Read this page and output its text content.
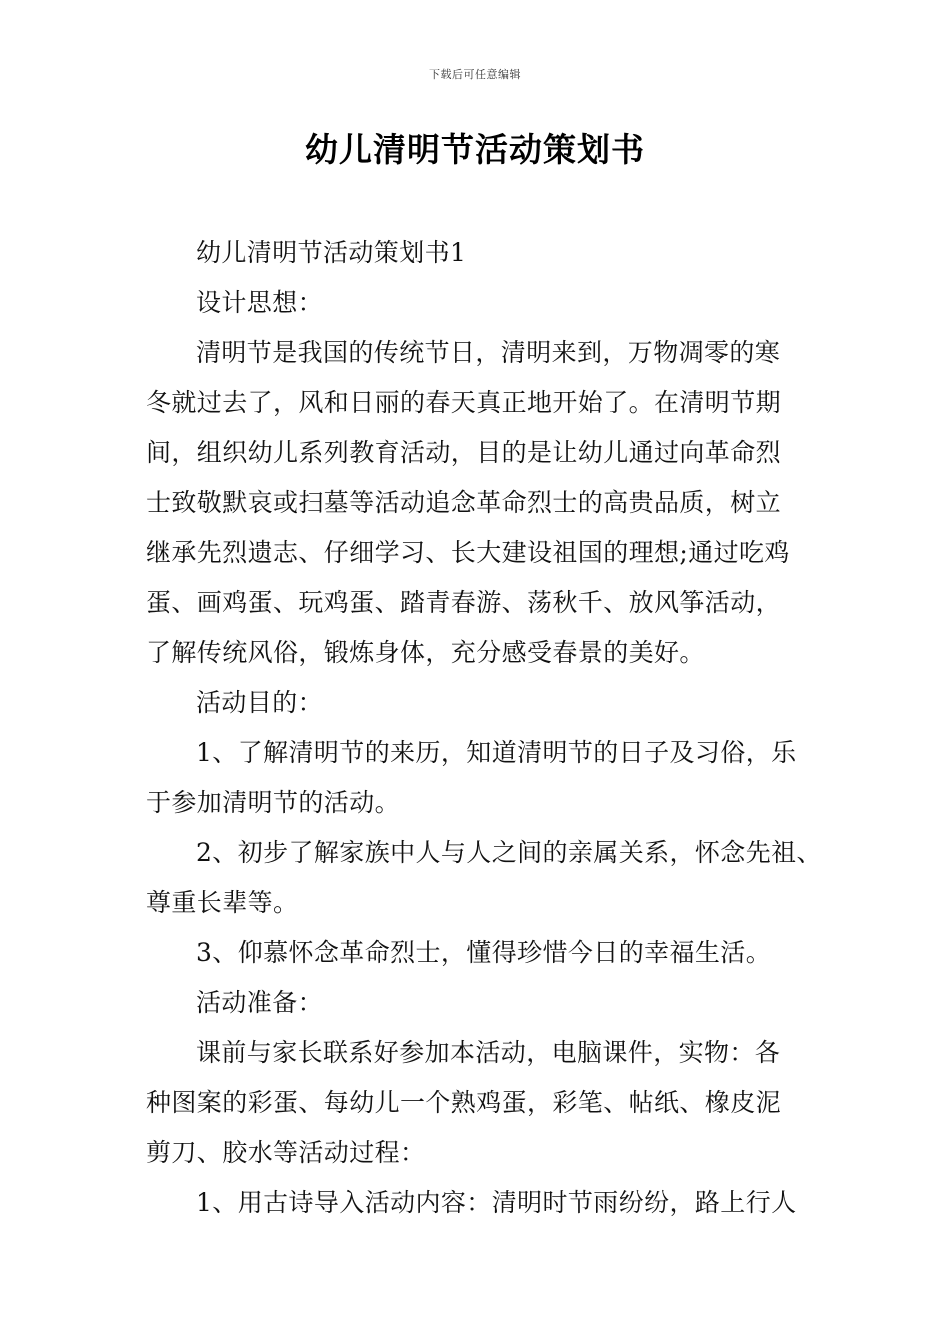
下载后可任意编辑
幼儿清明节活动策划书
幼儿清明节活动策划书1
设计思想：
清明节是我国的传统节日，清明来到，万物凋零的寒
冬就过去了，风和日丽的春天真正地开始了。在清明节期
间，组织幼儿系列教育活动，目的是让幼儿通过向革命烈
士致敬默哀或扫墓等活动追念革命烈士的高贵品质，树立
继承先烈遗志、仔细学习、长大建设祖国的理想;通过吃鸡
蛋、画鸡蛋、玩鸡蛋、踏青春游、荡秋千、放风筝活动，
了解传统风俗，锻炼身体，充分感受春景的美好。
活动目的：
1、了解清明节的来历，知道清明节的日子及习俗，乐
于参加清明节的活动。
2、初步了解家族中人与人之间的亲属关系，怀念先祖、
尊重长辈等。
3、仰慕怀念革命烈士，懂得珍惜今日的幸福生活。
活动准备：
课前与家长联系好参加本活动，电脑课件，实物：各
种图案的彩蛋、每幼儿一个熟鸡蛋，彩笔、帖纸、橡皮泥
剪刀、胶水等活动过程：
1、用古诗导入活动内容：清明时节雨纷纷，路上行人
